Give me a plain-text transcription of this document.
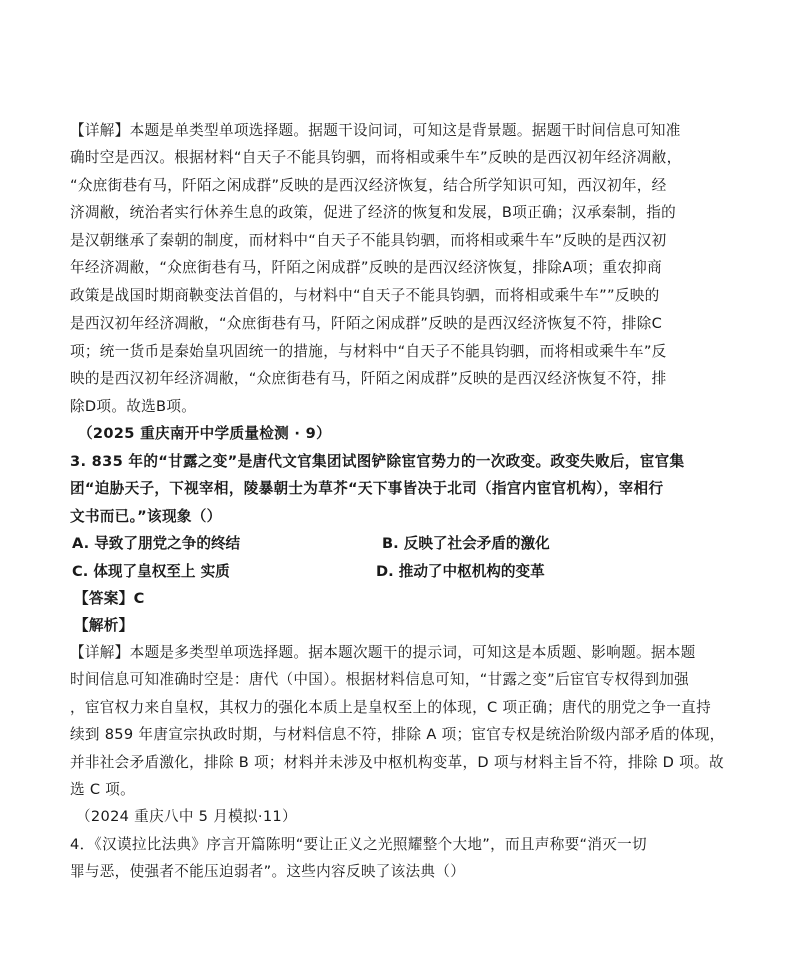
【详解】本题是单类型单项选择题。据题干设问词，可知这是背景题。据题干时间信息可知准
确时空是西汉。根据材料“自天子不能具钧驷，而将相或乘牛车”反映的是西汉初年经济凋敝，
“众庶街巷有马，阡陌之闲成群”反映的是西汉经济恢复，结合所学知识可知，西汉初年，经
济凋敝，统治者实行休养生息的政策，促进了经济的恢复和发展，B项正确；汉承秦制，指的
是汉朝继承了秦朝的制度，而材料中“自天子不能具钧驷，而将相或乘牛车”反映的是西汉初
年经济凋敝，“众庶街巷有马，阡陌之闲成群”反映的是西汉经济恢复，排除A项；重农抑商
政策是战国时期商鞅变法首倡的，与材料中“自天子不能具钧驷，而将相或乘牛车””反映的
是西汉初年经济凋敝，“众庶街巷有马，阡陌之闲成群”反映的是西汉经济恢复不符，排除C
项；统一货币是秦始皇巩固统一的措施，与材料中“自天子不能具钧驷，而将相或乘牛车”反
映的是西汉初年经济凋敝，“众庶街巷有马，阡陌之闲成群”反映的是西汉经济恢复不符，排
除D项。故选B项。
（2025 重庆南开中学质量检测 · 9）
3. 835 年的“甘露之变”是唐代文官集团试图铲除宦官势力的一次政变。政变失败后，宦官集
团“迫胁天子，下视宰相，陵暴朝士为草芥“天下事皆决于北司（指宫内宦官机构），宰相行
文书而已。”该现象（）
A. 导致了朋党之争的终结	B. 反映了社会矛盾的激化
C. 体现了皇权至上 实质	D. 推动了中枢机构的变革
【答案】C
【解析】
【详解】本题是多类型单项选择题。据本题次题干的提示词，可知这是本质题、影响题。据本题
时间信息可知准确时空是：唐代（中国）。根据材料信息可知，“甘露之变”后宦官专权得到加强
，宦官权力来自皇权，其权力的强化本质上是皇权至上的体现，C 项正确；唐代的朋党之争一直持
续到 859 年唐宣宗执政时期，与材料信息不符，排除 A 项；宦官专权是统治阶级内部矛盾的体现，
并非社会矛盾激化，排除 B 项；材料并未涉及中枢机构变革，D 项与材料主旨不符，排除 D 项。故
选 C 项。
（2024 重庆八中 5 月模拟·11）
4．《汉谟拉比法典》序言开篇陈明“要让正义之光照耀整个大地”，而且声称要“消灭一切
罪与恶，使强者不能压迫弱者”。这些内容反映了该法典（）
